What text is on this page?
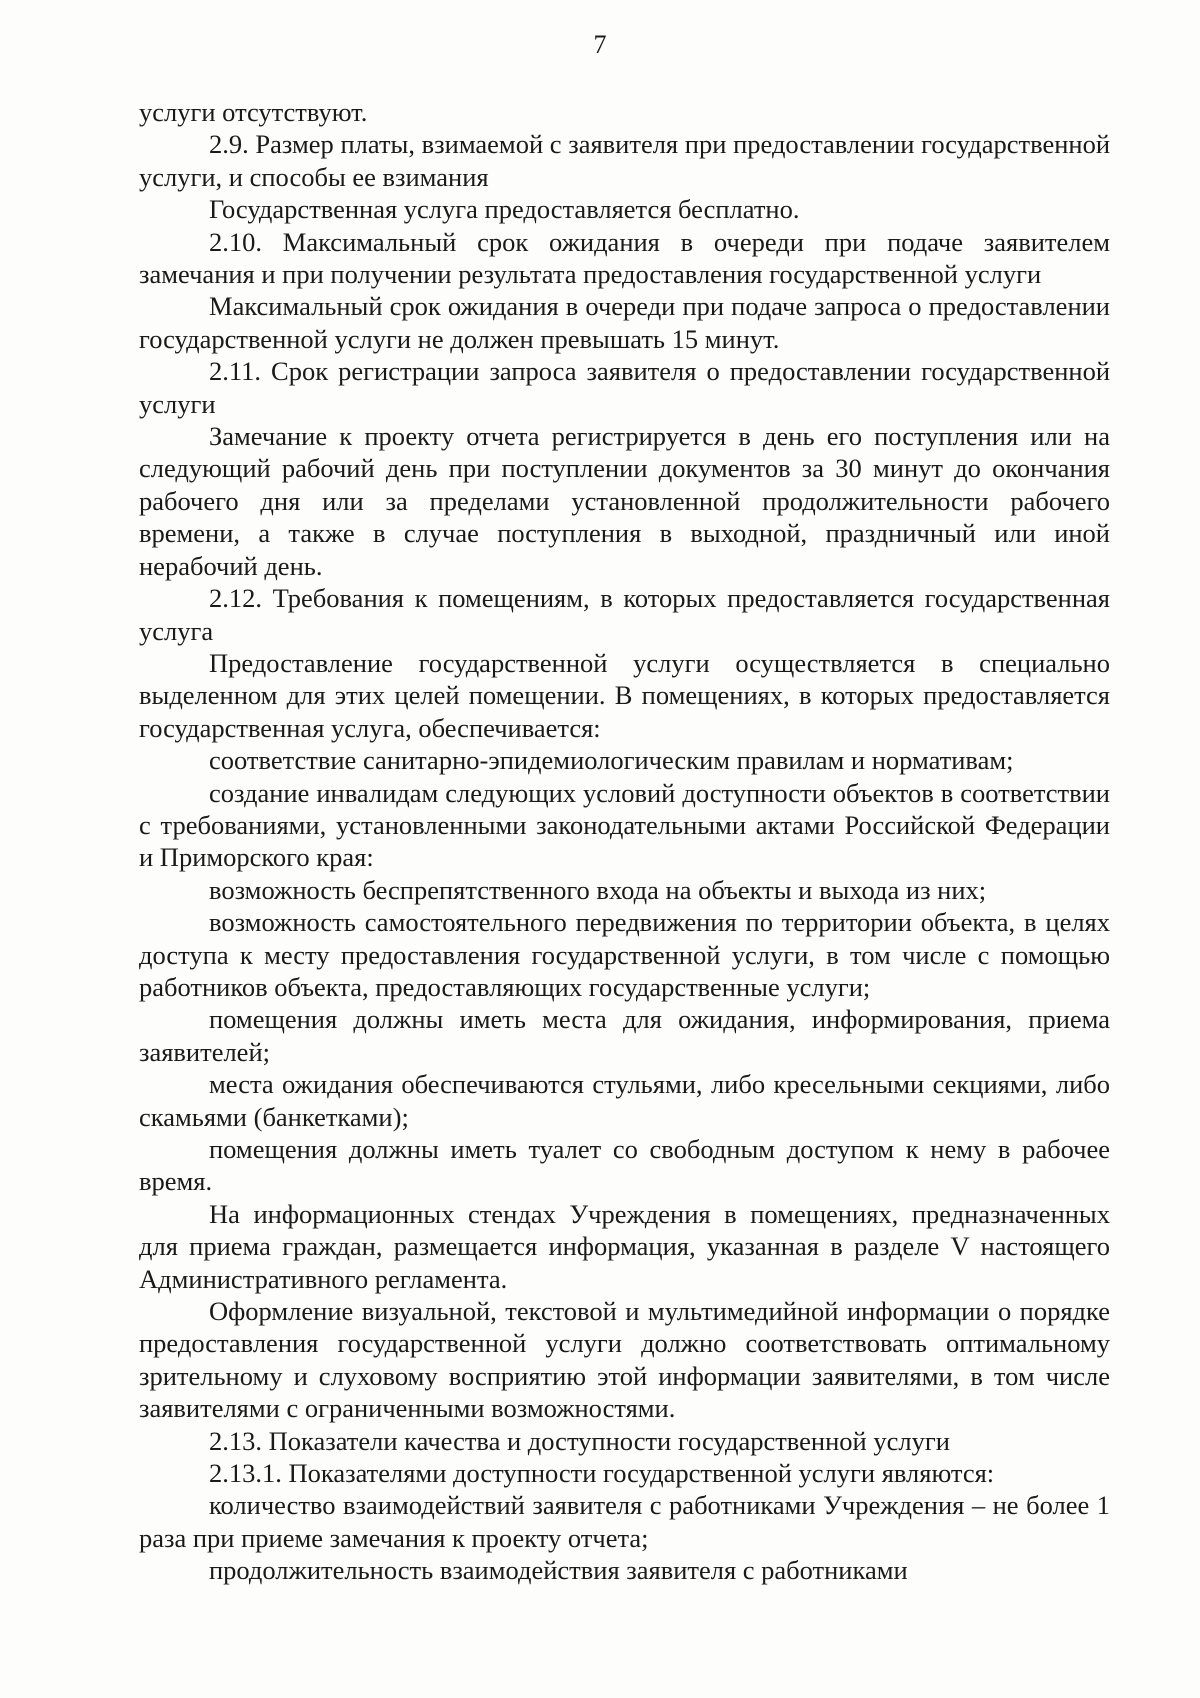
7

услуги отсутствуют.

2.9. Размер платы, взимаемой с заявителя при предоставлении государственной услуги, и способы ее взимания

Государственная услуга предоставляется бесплатно.

2.10. Максимальный срок ожидания в очереди при подаче заявителем замечания и при получении результата предоставления государственной услуги

Максимальный срок ожидания в очереди при подаче запроса о предоставлении государственной услуги не должен превышать 15 минут.

2.11. Срок регистрации запроса заявителя о предоставлении государственной услуги

Замечание к проекту отчета регистрируется в день его поступления или на следующий рабочий день при поступлении документов за 30 минут до окончания рабочего дня или за пределами установленной продолжительности рабочего времени, а также в случае поступления в выходной, праздничный или иной нерабочий день.

2.12. Требования к помещениям, в которых предоставляется государственная услуга

Предоставление государственной услуги осуществляется в специально выделенном для этих целей помещении. В помещениях, в которых предоставляется государственная услуга, обеспечивается:

соответствие санитарно-эпидемиологическим правилам и нормативам;

создание инвалидам следующих условий доступности объектов в соответствии с требованиями, установленными законодательными актами Российской Федерации и Приморского края:

возможность беспрепятственного входа на объекты и выхода из них;

возможность самостоятельного передвижения по территории объекта, в целях доступа к месту предоставления государственной услуги, в том числе с помощью работников объекта, предоставляющих государственные услуги;

помещения должны иметь места для ожидания, информирования, приема заявителей;

места ожидания обеспечиваются стульями, либо кресельными секциями, либо скамьями (банкетками);

помещения должны иметь туалет со свободным доступом к нему в рабочее время.

На информационных стендах Учреждения в помещениях, предназначенных для приема граждан, размещается информация, указанная в разделе V настоящего Административного регламента.

Оформление визуальной, текстовой и мультимедийной информации о порядке предоставления государственной услуги должно соответствовать оптимальному зрительному и слуховому восприятию этой информации заявителями, в том числе заявителями с ограниченными возможностями.

2.13. Показатели качества и доступности государственной услуги

2.13.1. Показателями доступности государственной услуги являются:

количество взаимодействий заявителя с работниками Учреждения – не более 1 раза при приеме замечания к проекту отчета;

продолжительность взаимодействия заявителя с работниками
